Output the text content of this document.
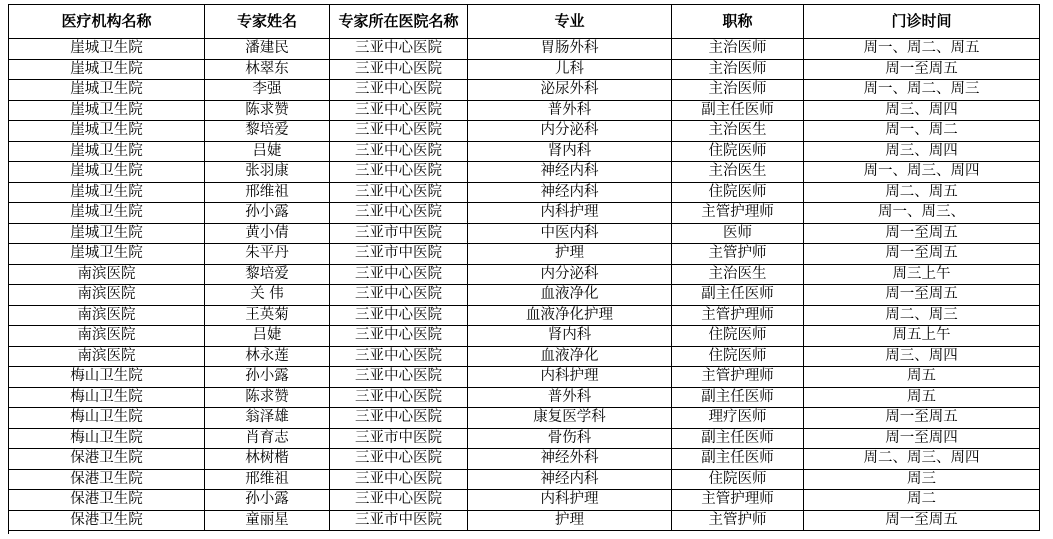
医疗机构名称	专家姓名	专家所在医院名称	专业	职称	门诊时间
崖城卫生院	潘建民	三亚中心医院	胃肠外科	主治医师	周一、周二、周五
崖城卫生院	林翠东	三亚中心医院	儿科	主治医师	周一至周五
崖城卫生院	李强	三亚中心医院	泌尿外科	主治医师	周一、周二、周三
崖城卫生院	陈求赞	三亚中心医院	普外科	副主任医师	周三、周四
崖城卫生院	黎培爱	三亚中心医院	内分泌科	主治医生	周一、周二
崖城卫生院	吕婕	三亚中心医院	肾内科	住院医师	周三、周四
崖城卫生院	张羽康	三亚中心医院	神经内科	主治医生	周一、周三、周四
崖城卫生院	邢维祖	三亚中心医院	神经内科	住院医师	周二、周五
崖城卫生院	孙小露	三亚中心医院	内科护理	主管护理师	周一、周三、
崖城卫生院	黄小倩	三亚市中医院	中医内科	医师	周一至周五
崖城卫生院	朱平丹	三亚市中医院	护理	主管护师	周一至周五
南滨医院	黎培爱	三亚中心医院	内分泌科	主治医生	周三上午
南滨医院	关 伟	三亚中心医院	血液净化	副主任医师	周一至周五
南滨医院	王英菊	三亚中心医院	血液净化护理	主管护理师	周二、周三
南滨医院	吕婕	三亚中心医院	肾内科	住院医师	周五上午
南滨医院	林永莲	三亚中心医院	血液净化	住院医师	周三、周四
梅山卫生院	孙小露	三亚中心医院	内科护理	主管护理师	周五
梅山卫生院	陈求赞	三亚中心医院	普外科	副主任医师	周五
梅山卫生院	翁泽雄	三亚中心医院	康复医学科	理疗医师	周一至周五
梅山卫生院	肖育志	三亚市中医院	骨伤科	副主任医师	周一至周四
保港卫生院	林树楷	三亚中心医院	神经外科	副主任医师	周二、周三、周四
保港卫生院	邢维祖	三亚中心医院	神经内科	住院医师	周三
保港卫生院	孙小露	三亚中心医院	内科护理	主管护理师	周二
保港卫生院	童丽星	三亚市中医院	护理	主管护师	周一至周五
